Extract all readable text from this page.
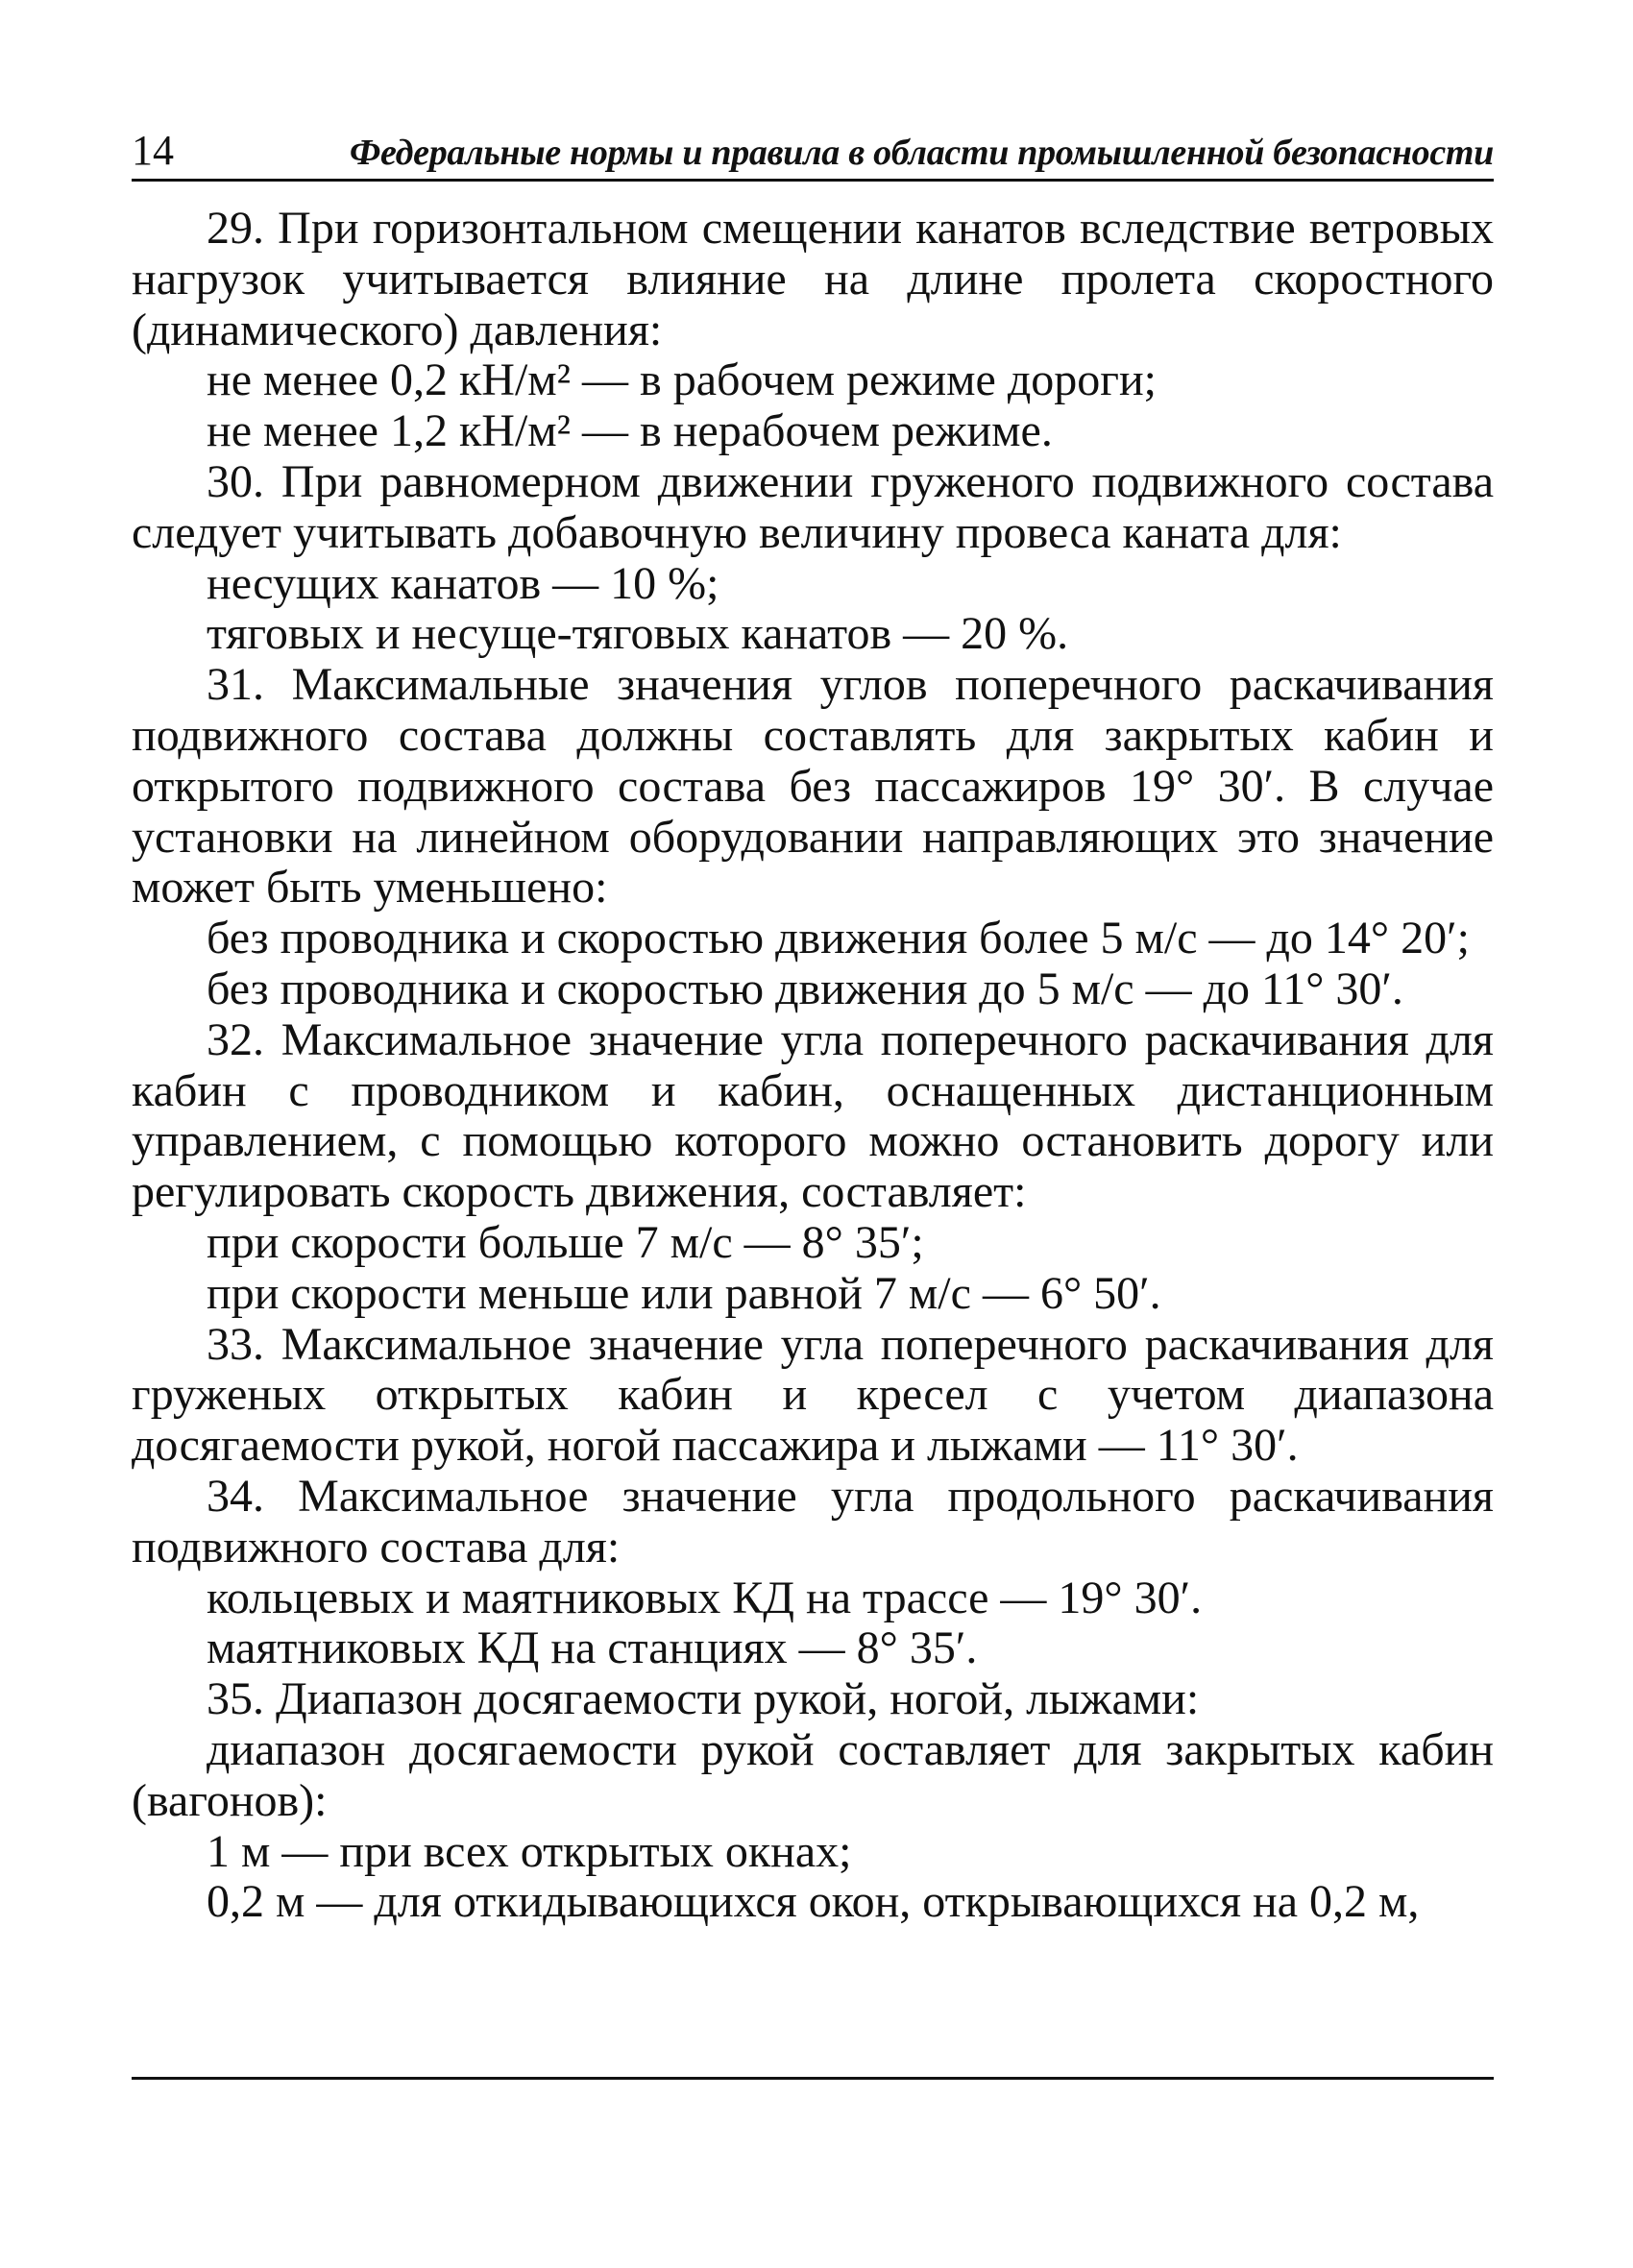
14	Федеральные нормы и правила в области промышленной безопасности

29. При горизонтальном смещении канатов вследствие ветровых нагрузок учитывается влияние на длине пролета скоростного (динамического) давления:

не менее 0,2 кН/м² — в рабочем режиме дороги;

не менее 1,2 кН/м² — в нерабочем режиме.

30. При равномерном движении груженого подвижного состава следует учитывать добавочную величину провеса каната для:

несущих канатов — 10 %;

тяговых и несуще-тяговых канатов — 20 %.

31. Максимальные значения углов поперечного раскачивания подвижного состава должны составлять для закрытых кабин и открытого подвижного состава без пассажиров 19° 30′. В случае установки на линейном оборудовании направляющих это значение может быть уменьшено:

без проводника и скоростью движения более 5 м/с — до 14° 20′;

без проводника и скоростью движения до 5 м/с — до 11° 30′.

32. Максимальное значение угла поперечного раскачивания для кабин с проводником и кабин, оснащенных дистанционным управлением, с помощью которого можно остановить дорогу или регулировать скорость движения, составляет:

при скорости больше 7 м/с — 8° 35′;

при скорости меньше или равной 7 м/с — 6° 50′.

33. Максимальное значение угла поперечного раскачивания для груженых открытых кабин и кресел с учетом диапазона досягаемости рукой, ногой пассажира и лыжами — 11° 30′.

34. Максимальное значение угла продольного раскачивания подвижного состава для:

кольцевых и маятниковых КД на трассе — 19° 30′.

маятниковых КД на станциях — 8° 35′.

35. Диапазон досягаемости рукой, ногой, лыжами:

диапазон досягаемости рукой составляет для закрытых кабин (вагонов):

1 м — при всех открытых окнах;

0,2 м — для откидывающихся окон, открывающихся на 0,2 м,
